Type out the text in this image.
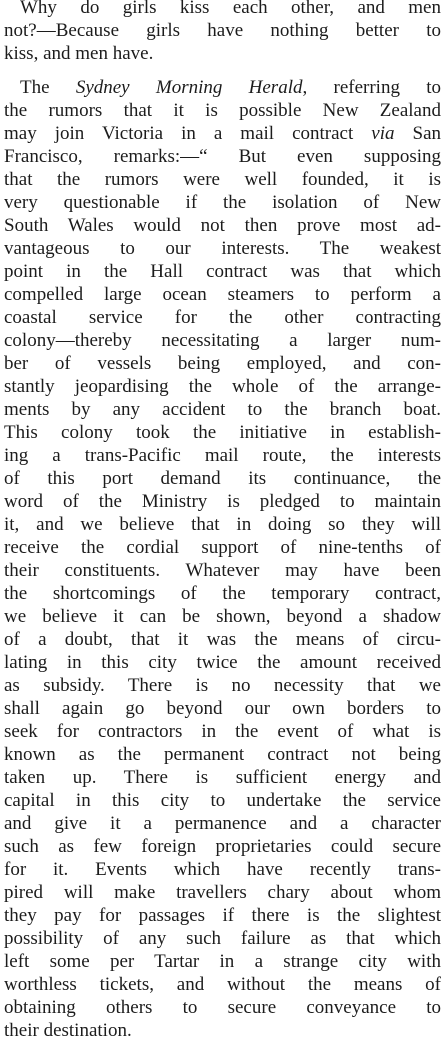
Why do girls kiss each other, and men
not?—Because girls have nothing better to
kiss, and men have.
The Sydney Morning Herald, referring to
the rumors that it is possible New Zealand
may join Victoria in a mail contract via San
Francisco, remarks:—“ But even supposing
that the rumors were well founded, it is
very questionable if the isolation of New
South Wales would not then prove most ad-
vantageous to our interests. The weakest
point in the Hall contract was that which
compelled large ocean steamers to perform a
coastal service for the other contracting
colony—thereby necessitating a larger num-
ber of vessels being employed, and con-
stantly jeopardising the whole of the arrange-
ments by any accident to the branch boat.
This colony took the initiative in establish-
ing a trans-Pacific mail route, the interests
of this port demand its continuance, the
word of the Ministry is pledged to maintain
it, and we believe that in doing so they will
receive the cordial support of nine-tenths of
their constituents. Whatever may have been
the shortcomings of the temporary contract,
we believe it can be shown, beyond a shadow
of a doubt, that it was the means of circu-
lating in this city twice the amount received
as subsidy. There is no necessity that we
shall again go beyond our own borders to
seek for contractors in the event of what is
known as the permanent contract not being
taken up. There is sufficient energy and
capital in this city to undertake the service
and give it a permanence and a character
such as few foreign proprietaries could secure
for it. Events which have recently trans-
pired will make travellers chary about whom
they pay for passages if there is the slightest
possibility of any such failure as that which
left some per Tartar in a strange city with
worthless tickets, and without the means of
obtaining others to secure conveyance to
their destination.
